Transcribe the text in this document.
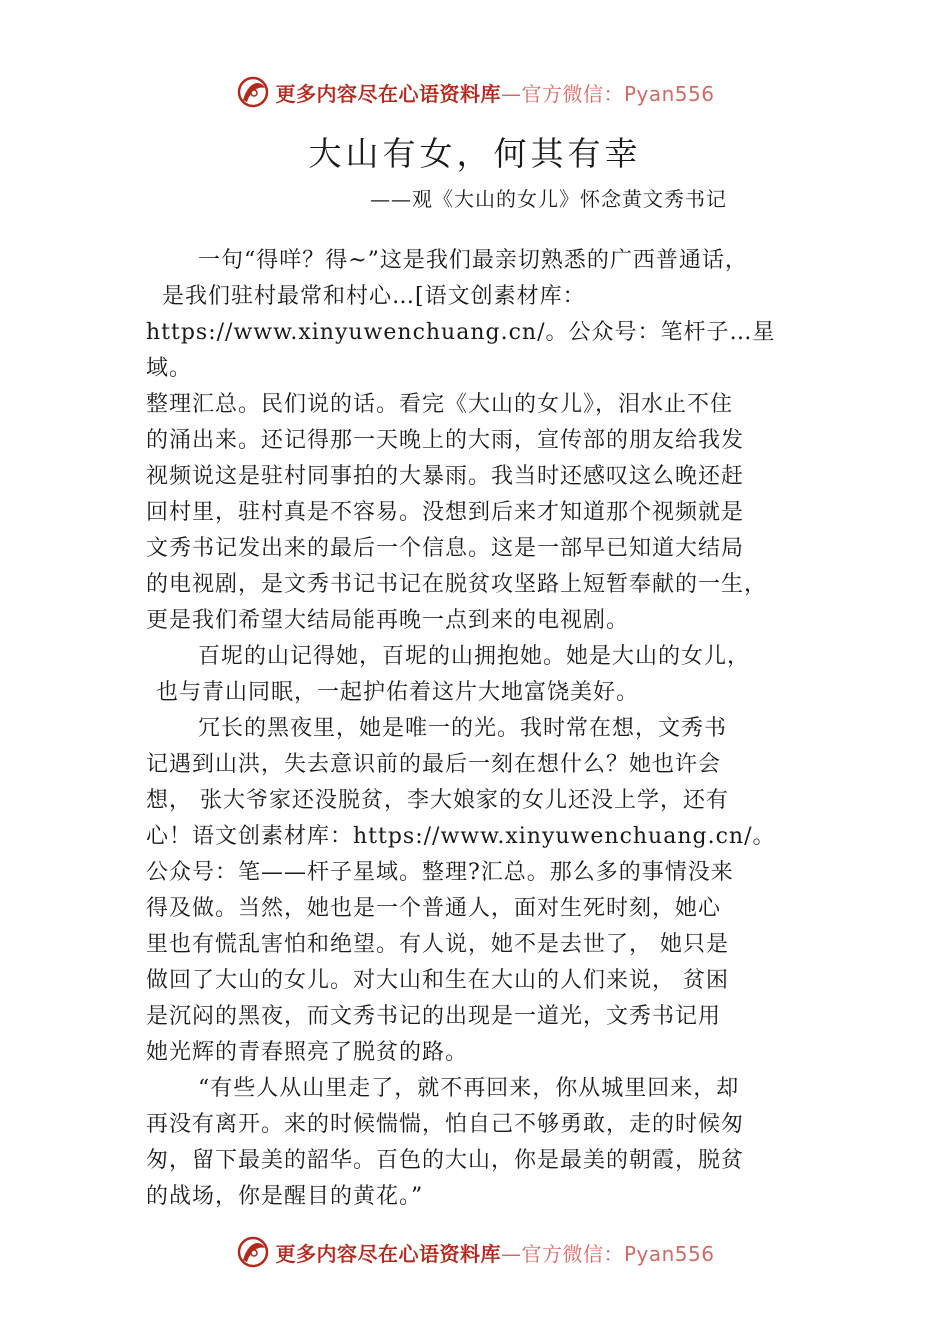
更多内容尽在心语资料库—官方微信：Pyan556
大山有女，何其有幸
——观《大山的女儿》怀念黄文秀书记

一句“得咩？得~”这是我们最亲切熟悉的广西普通话，
是我们驻村最常和村心…[语文创素材库：
https://www.xinyuwenchuang.cn/。公众号：笔杆子…星域。
整理汇总。民们说的话。看完《大山的女儿》，泪水止不住
的涌出来。还记得那一天晚上的大雨，宣传部的朋友给我发
视频说这是驻村同事拍的大暴雨。我当时还感叹这么晚还赶
回村里，驻村真是不容易。没想到后来才知道那个视频就是
文秀书记发出来的最后一个信息。这是一部早已知道大结局
的电视剧，是文秀书记书记在脱贫攻坚路上短暂奉献的一生，
更是我们希望大结局能再晚一点到来的电视剧。

百坭的山记得她，百坭的山拥抱她。她是大山的女儿，
也与青山同眠，一起护佑着这片大地富饶美好。

冗长的黑夜里，她是唯一的光。我时常在想，文秀书
记遇到山洪，失去意识前的最后一刻在想什么？她也许会
想， 张大爷家还没脱贫，李大娘家的女儿还没上学，还有
心！语文创素材库：https://www.xinyuwenchuang.cn/。
公众号：笔——杆子星域。整理?汇总。那么多的事情没来
得及做。当然，她也是一个普通人，面对生死时刻，她心
里也有慌乱害怕和绝望。有人说，她不是去世了， 她只是
做回了大山的女儿。对大山和生在大山的人们来说， 贫困
是沉闷的黑夜，而文秀书记的出现是一道光，文秀书记用
她光辉的青春照亮了脱贫的路。

“有些人从山里走了，就不再回来，你从城里回来，却
再没有离开。来的时候惴惴，怕自己不够勇敢，走的时候匆
匆，留下最美的韶华。百色的大山，你是最美的朝霞，脱贫
的战场，你是醒目的黄花。”

更多内容尽在心语资料库—官方微信：Pyan556
